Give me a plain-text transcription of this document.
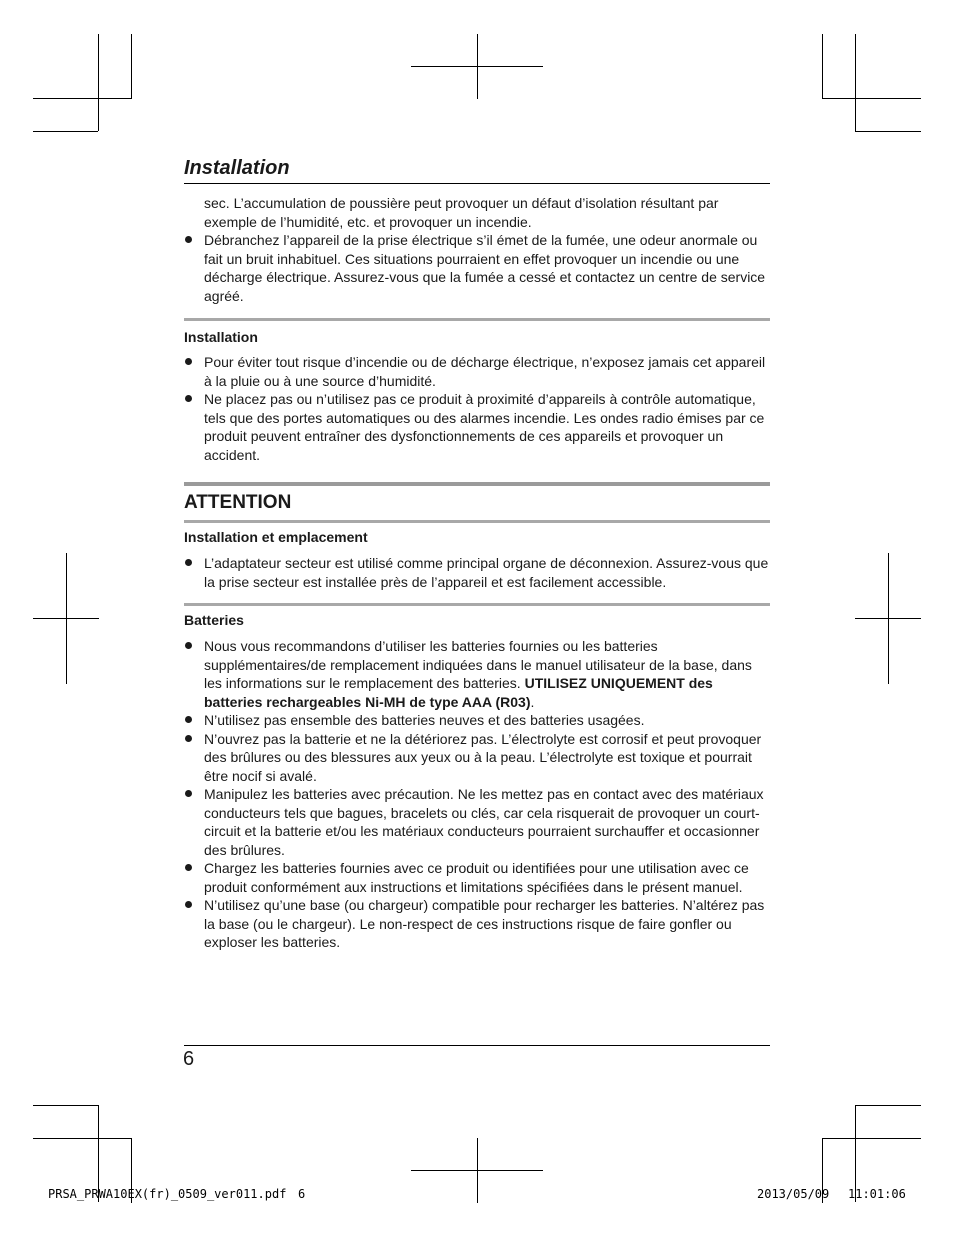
Installation

sec. L’accumulation de poussière peut provoquer un défaut d’isolation résultant par exemple de l’humidité, etc. et provoquer un incendie.

Débranchez l’appareil de la prise électrique s’il émet de la fumée, une odeur anormale ou fait un bruit inhabituel. Ces situations pourraient en effet provoquer un incendie ou une décharge électrique. Assurez-vous que la fumée a cessé et contactez un centre de service agréé.

Installation

Pour éviter tout risque d’incendie ou de décharge électrique, n’exposez jamais cet appareil à la pluie ou à une source d’humidité.
Ne placez pas ou n’utilisez pas ce produit à proximité d’appareils à contrôle automatique, tels que des portes automatiques ou des alarmes incendie. Les ondes radio émises par ce produit peuvent entraîner des dysfonctionnements de ces appareils et provoquer un accident.

ATTENTION

Installation et emplacement

L’adaptateur secteur est utilisé comme principal organe de déconnexion. Assurez-vous que la prise secteur est installée près de l’appareil et est facilement accessible.

Batteries

Nous vous recommandons d’utiliser les batteries fournies ou les batteries supplémentaires/de remplacement indiquées dans le manuel utilisateur de la base, dans les informations sur le remplacement des batteries. UTILISEZ UNIQUEMENT des batteries rechargeables Ni-MH de type AAA (R03).
N’utilisez pas ensemble des batteries neuves et des batteries usagées.
N’ouvrez pas la batterie et ne la détériorez pas. L’électrolyte est corrosif et peut provoquer des brûlures ou des blessures aux yeux ou à la peau. L’électrolyte est toxique et pourrait être nocif si avalé.
Manipulez les batteries avec précaution. Ne les mettez pas en contact avec des matériaux conducteurs tels que bagues, bracelets ou clés, car cela risquerait de provoquer un court-circuit et la batterie et/ou les matériaux conducteurs pourraient surchauffer et occasionner des brûlures.
Chargez les batteries fournies avec ce produit ou identifiées pour une utilisation avec ce produit conformément aux instructions et limitations spécifiées dans le présent manuel.
N’utilisez qu’une base (ou chargeur) compatible pour recharger les batteries. N’altérez pas la base (ou le chargeur). Le non-respect de ces instructions risque de faire gonfler ou exploser les batteries.
6
PRSA_PRWA10EX(fr)_0509_ver011.pdf 6	2013/05/09 11:01:06
